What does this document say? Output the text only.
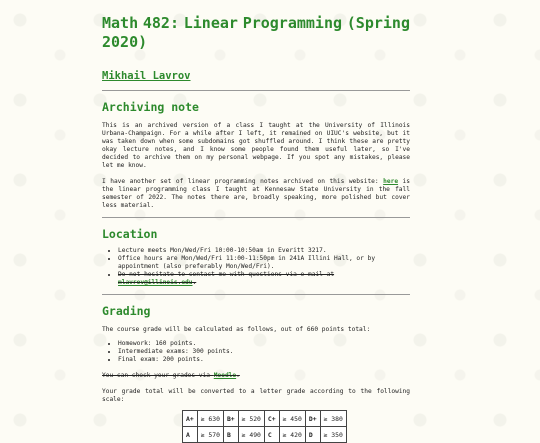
Math 482: Linear Programming (Spring
2020)
Mikhail Lavrov
Archiving note

This is an archived version of a class I taught at the University of Illinois Urbana-Champaign. For a while after I left, it remained on UIUC's website, but it was taken down when some subdomains got shuffled around. I think these are pretty okay lecture notes, and I know some people found them useful later, so I've decided to archive them on my personal webpage. If you spot any mistakes, please let me know.

I have another set of linear programming notes archived on this website: here is the linear programming class I taught at Kennesaw State University in the fall semester of 2022. The notes there are, broadly speaking, more polished but cover less material.

Location
• Lecture meets Mon/Wed/Fri 10:00-10:50am in Everitt 3217.
• Office hours are Mon/Wed/Fri 11:00-11:50pm in 241A Illini Hall, or by appointment (also preferably Mon/Wed/Fri).
• Do not hesitate to contact me with questions via e-mail at mlavrov@illinois.edu.
Grading

The course grade will be calculated as follows, out of 660 points total:

• Homework: 160 points.
• Intermediate exams: 300 points.
• Final exam: 200 points.

You can check your grades via Moodle.

Your grade total will be converted to a letter grade according to the following scale:

A+	≥ 630	B+	≥ 520	C+	≥ 450	D+	≥ 380
A	≥ 570	B	≥ 490	C	≥ 420	D	≥ 350
